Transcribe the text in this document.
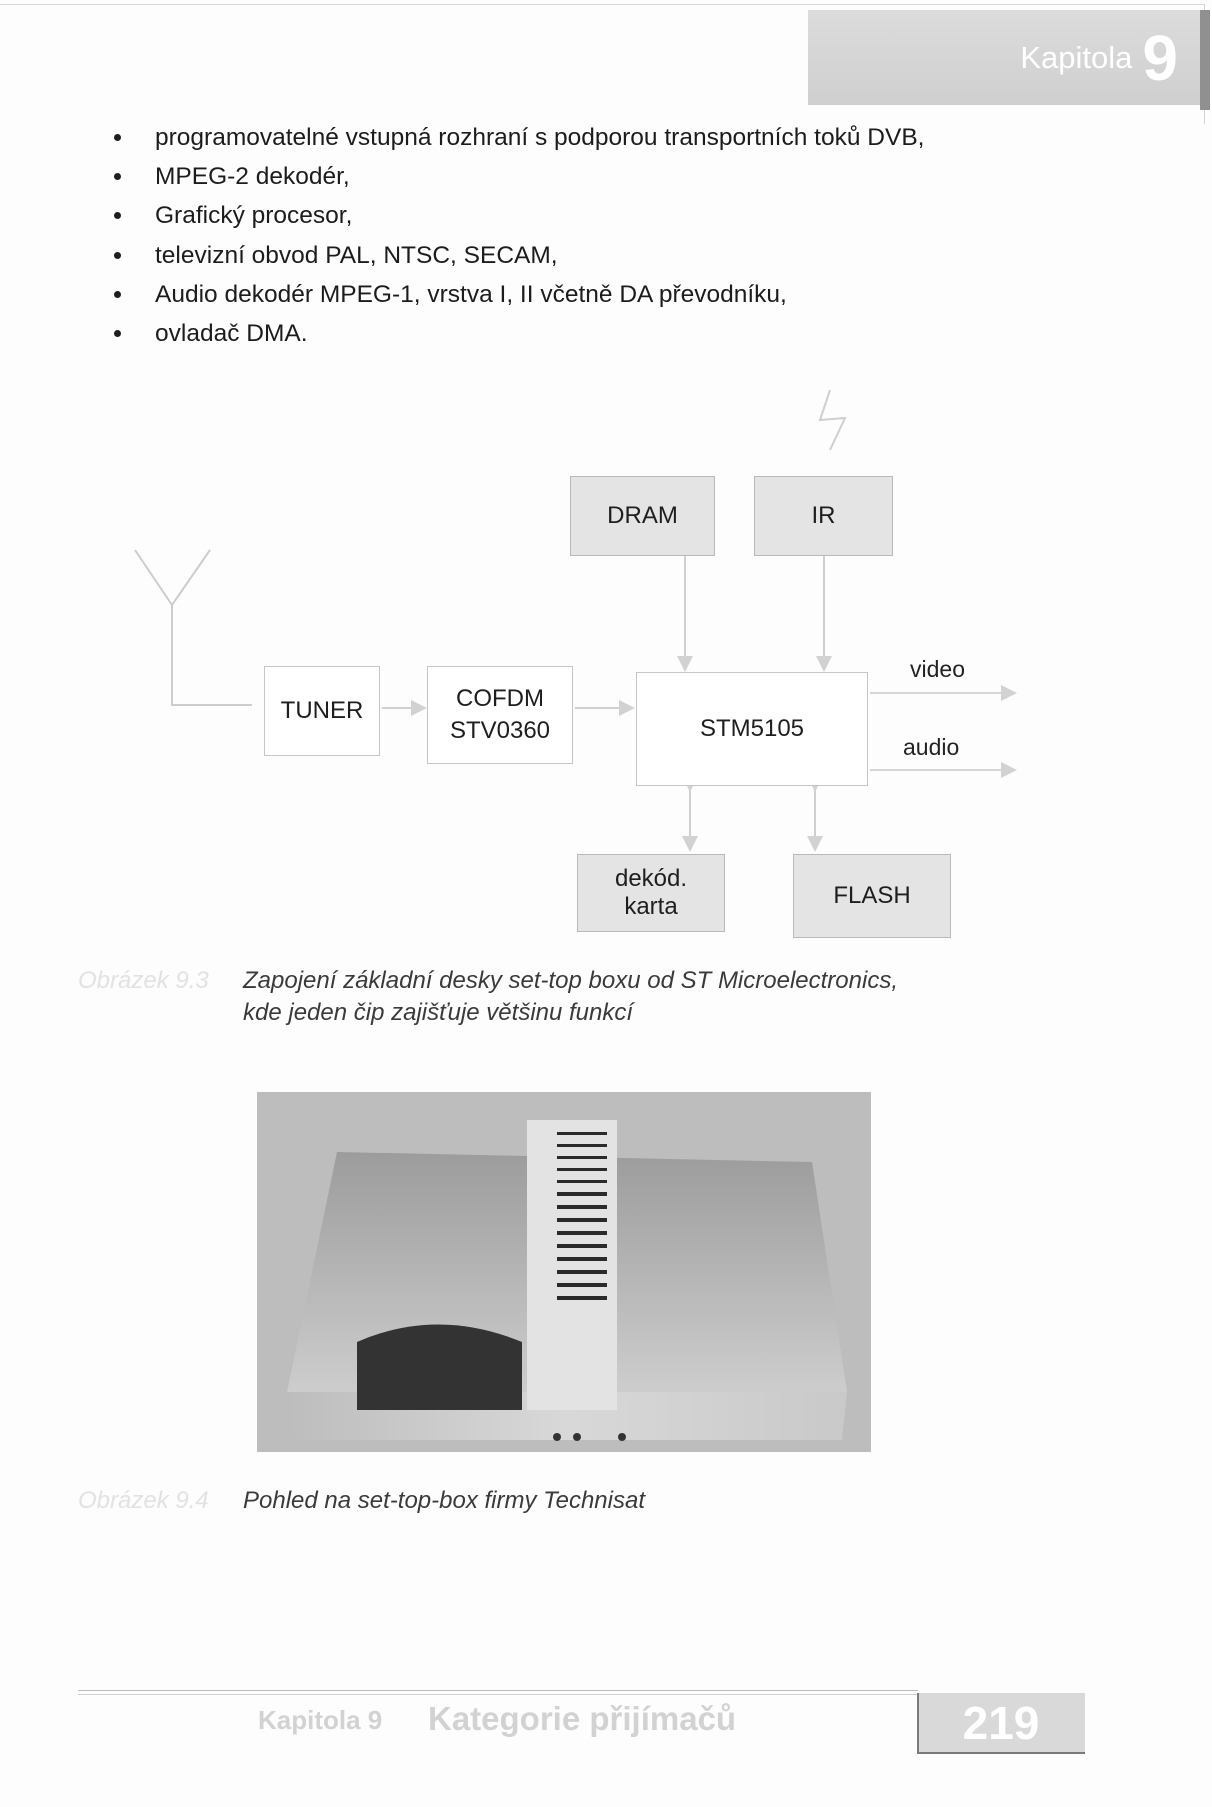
Kapitola 9
programovatelné vstupná rozhraní s podporou transportních toků DVB,
MPEG-2 dekodér,
Grafický procesor,
televizní obvod PAL, NTSC, SECAM,
Audio dekodér MPEG-1, vrstva I, II včetně DA převodníku,
ovladač DMA.
DRAM	IR
TUNER	COFDM
STV0360	STM5105
video
audio
dekód.
karta	FLASH
Obrázek 9.3 Zapojení základní desky set-top boxu od ST Microelectronics,
kde jeden čip zajišťuje většinu funkcí
Obrázek 9.4 Pohled na set-top-box firmy Technisat
Kapitola 9 Kategorie přijímačů	219
